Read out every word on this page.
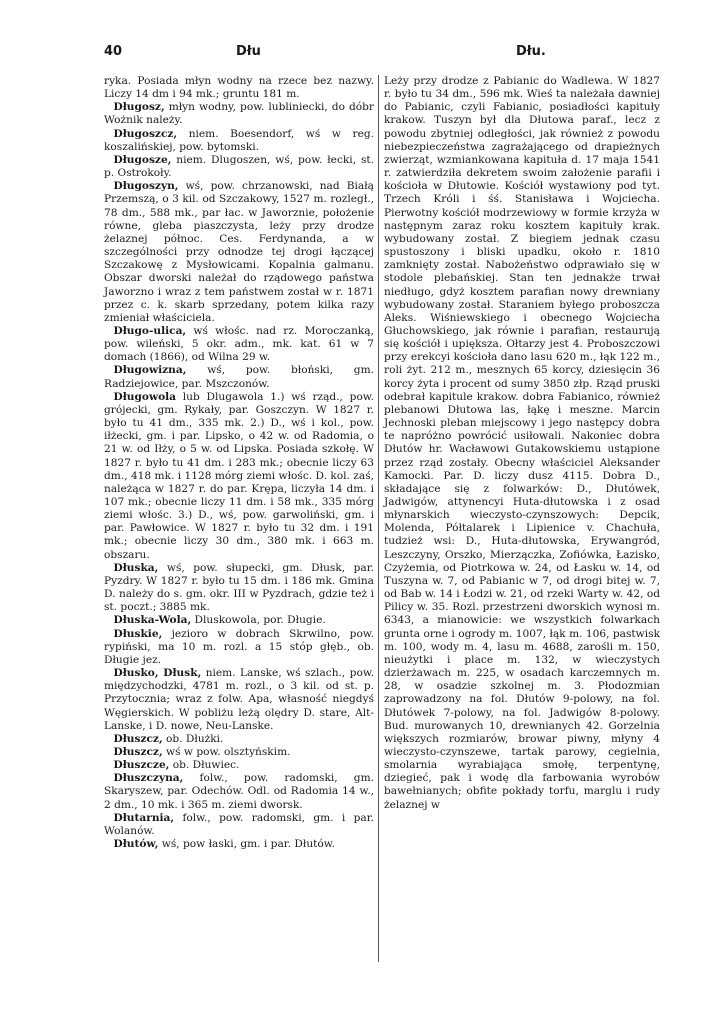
40	Dłu	Dłu.

ryka. Posiada młyn wodny na rzece bez nazwy. Liczy 14 dm i 94 mk.; gruntu 181 m.

Długosz, młyn wodny, pow. lubliniecki, do dóbr Wożnik należy.

Długoszcz, niem. Boesendorf, wś w reg. koszalińskiej, pow. bytomski.

Długosze, niem. Dlugoszen, wś, pow. łecki, st. p. Ostrokoły.

Długoszyn, wś, pow. chrzanowski, nad Białą Przemszą, o 3 kil. od Szczakowy, 1527 m. rozległ., 78 dm., 588 mk., par łac. w Jaworznie, położenie równe, gleba piaszczysta, leży przy drodze żelaznej północ. Ces. Ferdynanda, a w szczególności przy odnodze tej drogi łączącej Szczakowę z Mysłowicami. Kopalnia galmanu. Obszar dworski należał do rządowego państwa Jaworzno i wraz z tem państwem został w r. 1871 przez c. k. skarb sprzedany, potem kilka razy zmieniał właściciela.

Długo-ulica, wś włośc. nad rz. Moroczanką, pow. wileński, 5 okr. adm., mk. kat. 61 w 7 domach (1866), od Wilna 29 w.

Długowizna, wś, pow. błoński, gm. Radziejowice, par. Mszczonów.

Długowola lub Dlugawola 1.) wś rząd., pow. grójecki, gm. Rykały, par. Goszczyn. W 1827 r. było tu 41 dm., 335 mk. 2.) D., wś i kol., pow. iłżecki, gm. i par. Lipsko, o 42 w. od Radomia, o 21 w. od Iłży, o 5 w. od Lipska. Posiada szkołę. W 1827 r. było tu 41 dm. i 283 mk.; obecnie liczy 63 dm., 418 mk. i 1128 mórg ziemi włośc. D. kol. zaś, należąca w 1827 r. do par. Krępa, liczyła 14 dm. i 107 mk.; obecnie liczy 11 dm. i 58 mk., 335 mórg ziemi włośc. 3.) D., wś, pow. garwoliński, gm. i par. Pawłowice. W 1827 r. było tu 32 dm. i 191 mk.; obecnie liczy 30 dm., 380 mk. i 663 m. obszaru.

Dłuska, wś, pow. słupecki, gm. Dłusk, par. Pyzdry. W 1827 r. było tu 15 dm. i 186 mk. Gmina D. należy do s. gm. okr. III w Pyzdrach, gdzie też i st. poczt.; 3885 mk.

Dłuska-Wola, Dluskowola, por. Długie.

Dłuskie, jezioro w dobrach Skrwilno, pow. rypiński, ma 10 m. rozl. a 15 stóp głęb., ob. Długie jez.

Dłusko, Dłusk, niem. Lanske, wś szlach., pow. międzychodzki, 4781 m. rozl., o 3 kil. od st. p. Przytocznia; wraz z folw. Apa, własność niegdyś Węgierskich. W pobliżu leżą olędry D. stare, Alt-Lanske, i D. nowe, Neu-Lanske.

Dłuszcz, ob. Dłużki.

Dłuszcz, wś w pow. olsztyńskim.

Dłuszcze, ob. Dłuwiec.

Dłuszczyna, folw., pow. radomski, gm. Skaryszew, par. Odechów. Odl. od Radomia 14 w., 2 dm., 10 mk. i 365 m. ziemi dworsk.

Dłutarnia, folw., pow. radomski, gm. i par. Wolanów.

Dłutów, wś, pow łaski, gm. i par. Dłutów.

Leży przy drodze z Pabianic do Wadlewa. W 1827 r. było tu 34 dm., 596 mk. Wieś ta należała dawniej do Pabianic, czyli Fabianic, posiadłości kapituły krakow. Tuszyn był dla Dłutowa paraf., lecz z powodu zbytniej odległości, jak również z powodu niebezpieczeństwa zagrażającego od drapieżnych zwierząt, wzmiankowana kapituła d. 17 maja 1541 r. zatwierdziła dekretem swoim założenie parafii i kościoła w Dłutowie. Kościół wystawiony pod tyt. Trzech Króli i śś. Stanisława i Wojciecha. Pierwotny kościół modrzewiowy w formie krzyża w następnym zaraz roku kosztem kapituły krak. wybudowany został. Z biegiem jednak czasu spustoszony i bliski upadku, około r. 1810 zamknięty został. Nabożeństwo odprawiało się w stodole plebańskiej. Stan ten jednakże trwał niedługo, gdyż kosztem parafian nowy drewniany wybudowany został. Staraniem byłego proboszcza Aleks. Wiśniewskiego i obecnego Wojciecha Głuchowskiego, jak równie i parafian, restaurują się kościół i upiększa. Ołtarzy jest 4. Proboszczowi przy erekcyi kościoła dano lasu 620 m., łąk 122 m., roli żyt. 212 m., mesznych 65 korcy, dziesięcin 36 korcy żyta i procent od sumy 3850 złp. Rząd pruski odebrał kapitule krakow. dobra Fabianico, również plebanowi Dłutowa las, łąkę i meszne. Marcin Jechnoski pleban miejscowy i jego następcy dobra te napróżno powrócić usiłowali. Nakoniec dobra Dłutów hr. Wacławowi Gutakowskiemu ustąpione przez rząd zostały. Obecny właściciel Aleksander Kamocki. Par. D. liczy dusz 4115. Dobra D., składające się z folwarków: D., Dłutówek, Jadwigów, attynencyi Huta-dłutowska i z osad młynarskich wieczysto-czynszowych: Depcik, Molenda, Półtalarek i Lipienice v. Chachuła, tudzież wsi: D., Huta-dłutowska, Erywangród, Leszczyny, Orszko, Mierzączka, Zofiówka, Łazisko, Czyżemia, od Piotrkowa w. 24, od Łasku w. 14, od Tuszyna w. 7, od Pabianic w 7, od drogi bitej w. 7, od Bab w. 14 i Łodzi w. 21, od rzeki Warty w. 42, od Pilicy w. 35. Rozl. przestrzeni dworskich wynosi m. 6343, a mianowicie: we wszystkich folwarkach grunta orne i ogrody m. 1007, łąk m. 106, pastwisk m. 100, wody m. 4, lasu m. 4688, zarośli m. 150, nieużytki i place m. 132, w wieczystych dzierżawach m. 225, w osadach karczemnych m. 28, w osadzie szkolnej m. 3. Płodozmian zaprowadzony na fol. Dłutów 9-polowy, na fol. Dłutówek 7-polowy, na fol. Jadwigów 8-polowy. Bud. murowanych 10, drewnianych 42. Gorzelnia większych rozmiarów, browar piwny, młyny 4 wieczysto-czynszewe, tartak parowy, cegielnia, smolarnia wyrabiająca smołę, terpentynę, dziegieć, pak i wodę dla farbowania wyrobów bawełnianych; obfite pokłady torfu, marglu i rudy żelaznej w
